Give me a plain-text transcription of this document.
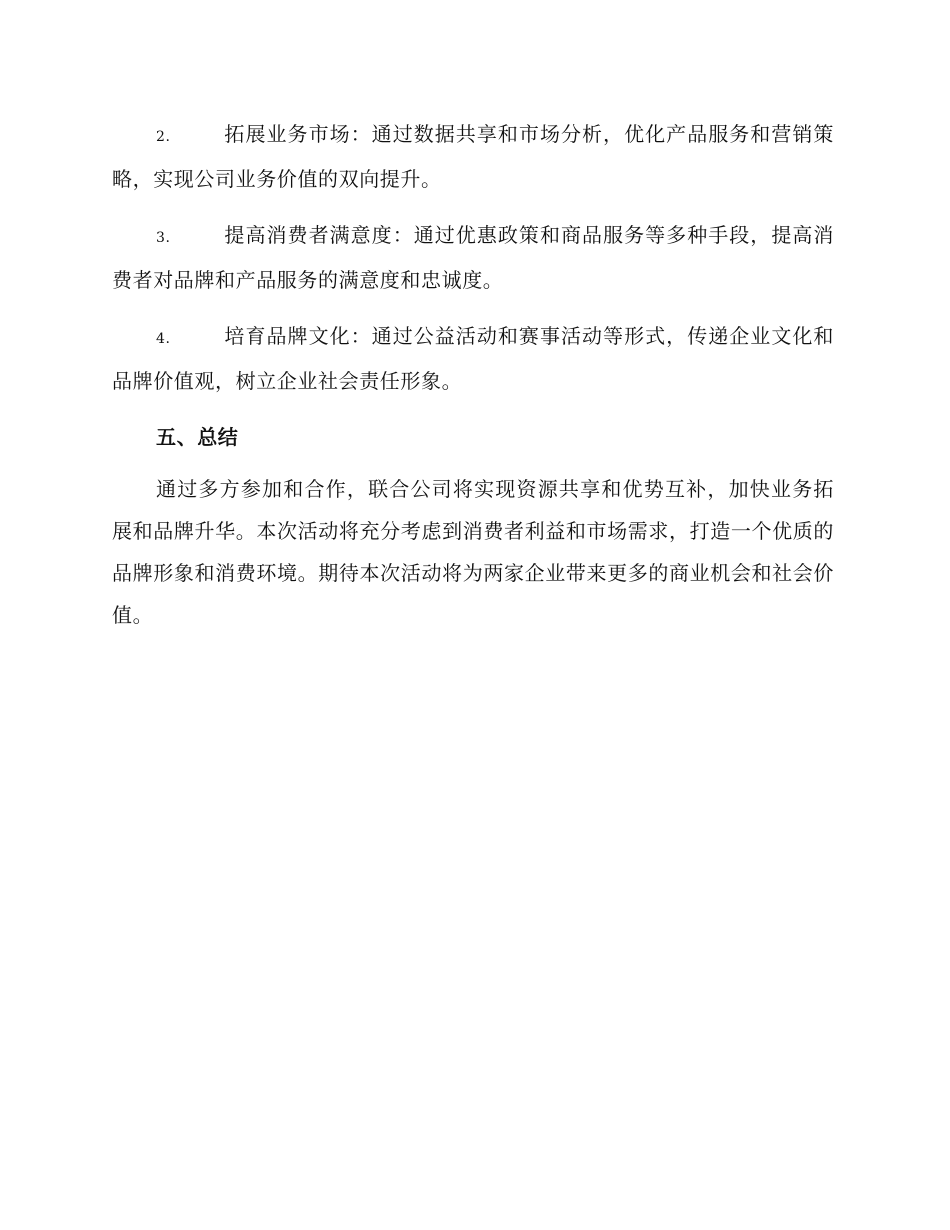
2.	拓展业务市场：通过数据共享和市场分析，优化产品服务和营销策略，实现公司业务价值的双向提升。

3.	提高消费者满意度：通过优惠政策和商品服务等多种手段，提高消费者对品牌和产品服务的满意度和忠诚度。

4.	培育品牌文化：通过公益活动和赛事活动等形式，传递企业文化和品牌价值观，树立企业社会责任形象。

五、总结

通过多方参加和合作，联合公司将实现资源共享和优势互补，加快业务拓展和品牌升华。本次活动将充分考虑到消费者利益和市场需求，打造一个优质的品牌形象和消费环境。期待本次活动将为两家企业带来更多的商业机会和社会价值。
